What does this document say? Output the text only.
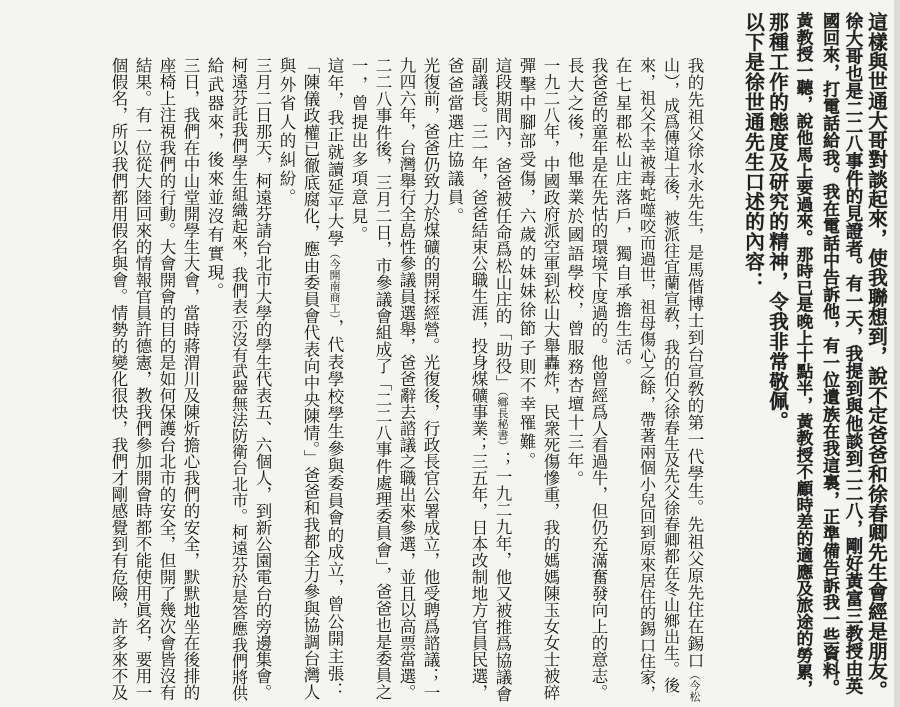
這樣與世通大哥對談起來，使我聯想到，說不定爸爸和徐春卿先生會經是朋友。
徐大哥也是二二八事件的見證者。有一天，我提到與他談到二二八，剛好黃富三教授由英
國回來，打電話給我。我在電話中告訴他，有一位遺族在我這裏，正準備告訴我一些資料。
黃教授一聽，說他馬上要過來。那時已是晚上十點半，黃教授不顧時差的適應及旅途的勞累，
那種工作的態度及研究的精神，令我非常敬佩。
以下是徐世通先生口述的內容：
我的先祖父徐水永先生，是馬偕博士到台宣敎的第一代學生。先祖父原先住在錫口（今松
山），成爲傳道士後，被派往宜蘭宣敎，我的伯父徐春生及先父徐春卿都在冬山鄉出生。後
來，祖父不幸被毒蛇噬咬而過世，祖母傷心之餘，帶著兩個小兒回到原來居住的錫口住家，
在七星郡松山庄落戶，獨自承擔生活。
我爸爸的童年是在先怙的環境下度過的。他曾經爲人看過牛，但仍充滿奮發向上的意志。
長大之後，他畢業於國語學校，曾服務杏壇十三年。
一九二八年，中國政府派空軍到松山大舉轟炸，民衆死傷慘重，我的媽媽陳玉女女士被碎
彈擊中腳部受傷，六歲的妹妹徐節子則不幸罹難。
這段期間內，爸爸被任命爲松山庄的「助役」（鄉長秘書）；一九二九年，他又被推爲協議會
副議長。三一年，爸爸結束公職生涯，投身煤礦事業；三五年，日本改制地方官員民選，
爸爸當選庄協議員。
光復前，爸爸仍致力於煤礦的開採經營。光復後，行政長官公署成立，他受聘爲諮議；一
九四六年，台灣舉行全島性參議員選舉，爸爸辭去諮議之職出來參選，並且以高票當選。
二二八事件後，三月二日，市參議會組成了「二二八事件處理委員會」，爸爸也是委員之
一，曾提出多項意見。
這年，我正就讀延平大學（今開南商工），代表學校學生參與委員會的成立，曾公開主張：
「陳儀政權已徹底腐化，應由委員會代表向中央陳情。」爸爸和我都全力參與協調台灣人
與外省人的糾紛。
三月二日那天，柯遠芬請台北市大學的學生代表五、六個人，到新公園電台的旁邊集會。
柯遠芬託我們學生組織起來，我們表示沒有武器無法防衛台北市。柯遠芬於是答應我們將供
給武器來，後來並沒有實現。
三日，我們在中山堂開學生大會，當時蔣渭川及陳炘擔心我們的安全，默默地坐在後排的
座椅上注視我們的行動。大會開會的目的是如何保護台北市的安全，但開了幾次會皆沒有
結果。有一位從大陸回來的情報官員許德憲，教我們參加開會時都不能使用眞名，要用一
個假名，所以我們都用假名與會。情勢的變化很快，我們才剛感覺到有危險，許多來不及
